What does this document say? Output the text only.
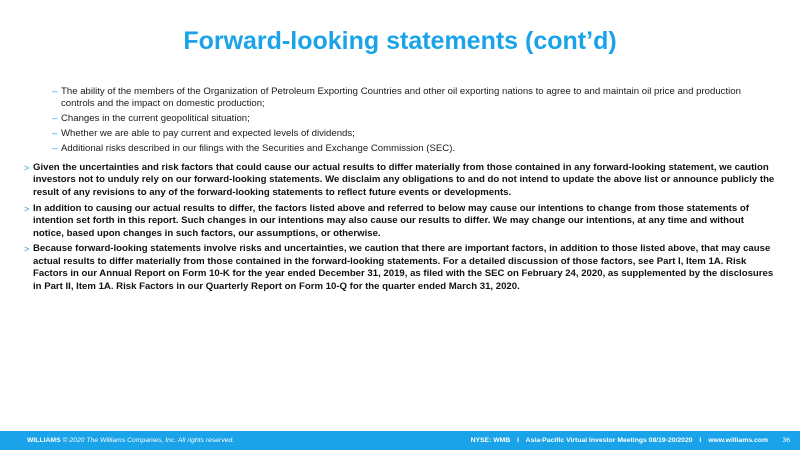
Forward-looking statements (cont’d)
– The ability of the members of the Organization of Petroleum Exporting Countries and other oil exporting nations to agree to and maintain oil price and production controls and the impact on domestic production;
– Changes in the current geopolitical situation;
– Whether we are able to pay current and expected levels of dividends;
– Additional risks described in our filings with the Securities and Exchange Commission (SEC).
> Given the uncertainties and risk factors that could cause our actual results to differ materially from those contained in any forward-looking statement, we caution investors not to unduly rely on our forward-looking statements. We disclaim any obligations to and do not intend to update the above list or announce publicly the result of any revisions to any of the forward-looking statements to reflect future events or developments.
> In addition to causing our actual results to differ, the factors listed above and referred to below may cause our intentions to change from those statements of intention set forth in this report. Such changes in our intentions may also cause our results to differ. We may change our intentions, at any time and without notice, based upon changes in such factors, our assumptions, or otherwise.
> Because forward-looking statements involve risks and uncertainties, we caution that there are important factors, in addition to those listed above, that may cause actual results to differ materially from those contained in the forward-looking statements. For a detailed discussion of those factors, see Part I, Item 1A. Risk Factors in our Annual Report on Form 10-K for the year ended December 31, 2019, as filed with the SEC on February 24, 2020, as supplemented by the disclosures in Part II, Item 1A. Risk Factors in our Quarterly Report on Form 10-Q for the quarter ended March 31, 2020.
WILLIAMS © 2020 The Williams Companies, Inc. All rights reserved.	NYSE: WMB I Asia-Pacific Virtual Investor Meetings 08/19-20/2020 I www.williams.com 36
